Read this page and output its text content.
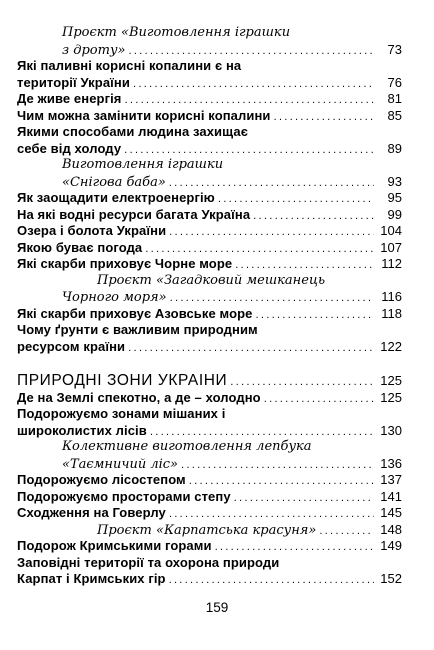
Проєкт «Виготовлення іграшки
з дроту» . . .	73
Які паливні корисні копалини є на
території України . . .	76
Де живе енергія . . .	81
Чим можна замінити корисні копалини . . .	85
Якими способами людина захищає
себе від холоду . . .	89
Виготовлення іграшки
«Снігова баба» . . .	93
Як заощадити електроенергію . . .	95
На які водні ресурси багата Україна . . .	99
Озера і болота України . . .	104
Якою буває погода . . .	107
Які скарби приховує Чорне море . . .	112
Проєкт «Загадковий мешканець
Чорного моря» . . .	116
Які скарби приховує Азовське море . . .	118
Чому ґрунти є важливим природним
ресурсом країни . . .	122
ПРИРОДНІ ЗОНИ УКРАЇНИ . . .	125
Де на Землі спекотно, а де – холодно . . .	125
Подорожуємо зонами мішаних і
широколистих лісів . . .	130
Колективне виготовлення лепбука
«Таємничий ліс» . . .	136
Подорожуємо лісостепом . . .	137
Подорожуємо просторами степу . . .	141
Сходження на Говерлу . . .	145
Проєкт «Карпатська красуня» . . .	148
Подорож Кримськими горами . . .	149
Заповідні території та охорона природи
Карпат і Кримських гір . . .	152
159
